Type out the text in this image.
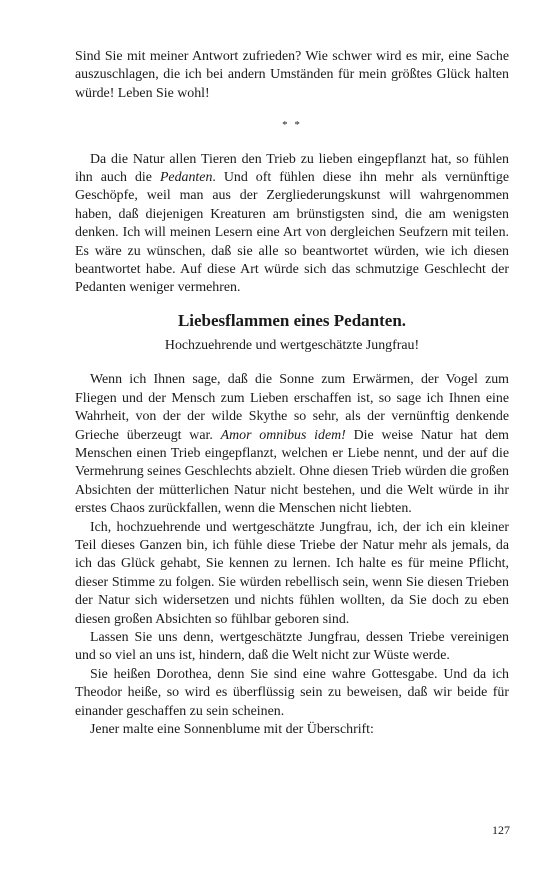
Sind Sie mit meiner Antwort zufrieden? Wie schwer wird es mir, eine Sache auszuschlagen, die ich bei andern Umständen für mein größtes Glück halten würde! Leben Sie wohl!

* *

Da die Natur allen Tieren den Trieb zu lieben eingepflanzt hat, so fühlen ihn auch die Pedanten. Und oft fühlen diese ihn mehr als vernünftige Geschöpfe, weil man aus der Zergliederungskunst will wahrgenommen haben, daß diejenigen Kreaturen am brünstigsten sind, die am wenigsten denken. Ich will meinen Lesern eine Art von dergleichen Seufzern mit teilen. Es wäre zu wünschen, daß sie alle so beantwortet würden, wie ich diesen beantwortet habe. Auf diese Art würde sich das schmutzige Geschlecht der Pedanten weniger vermehren.

Liebesflammen eines Pedanten.
Hochzuehrende und wertgeschätzte Jungfrau!

Wenn ich Ihnen sage, daß die Sonne zum Erwärmen, der Vogel zum Fliegen und der Mensch zum Lieben erschaffen ist, so sage ich Ihnen eine Wahrheit, von der der wilde Skythe so sehr, als der vernünftig denkende Grieche überzeugt war. Amor omnibus idem! Die weise Natur hat dem Menschen einen Trieb eingepflanzt, welchen er Liebe nennt, und der auf die Vermehrung seines Geschlechts abzielt. Ohne diesen Trieb würden die großen Absichten der mütterlichen Natur nicht bestehen, und die Welt würde in ihr erstes Chaos zurückfallen, wenn die Menschen nicht liebten.

Ich, hochzuehrende und wertgeschätzte Jungfrau, ich, der ich ein kleiner Teil dieses Ganzen bin, ich fühle diese Triebe der Natur mehr als jemals, da ich das Glück gehabt, Sie kennen zu lernen. Ich halte es für meine Pflicht, dieser Stimme zu folgen. Sie würden rebellisch sein, wenn Sie diesen Trieben der Natur sich widersetzen und nichts fühlen wollten, da Sie doch zu eben diesen großen Absichten so fühlbar geboren sind.

Lassen Sie uns denn, wertgeschätzte Jungfrau, dessen Triebe vereinigen und so viel an uns ist, hindern, daß die Welt nicht zur Wüste werde.

Sie heißen Dorothea, denn Sie sind eine wahre Gottesgabe. Und da ich Theodor heiße, so wird es überflüssig sein zu beweisen, daß wir beide für einander geschaffen zu sein scheinen.

Jener malte eine Sonnenblume mit der Überschrift:

127
